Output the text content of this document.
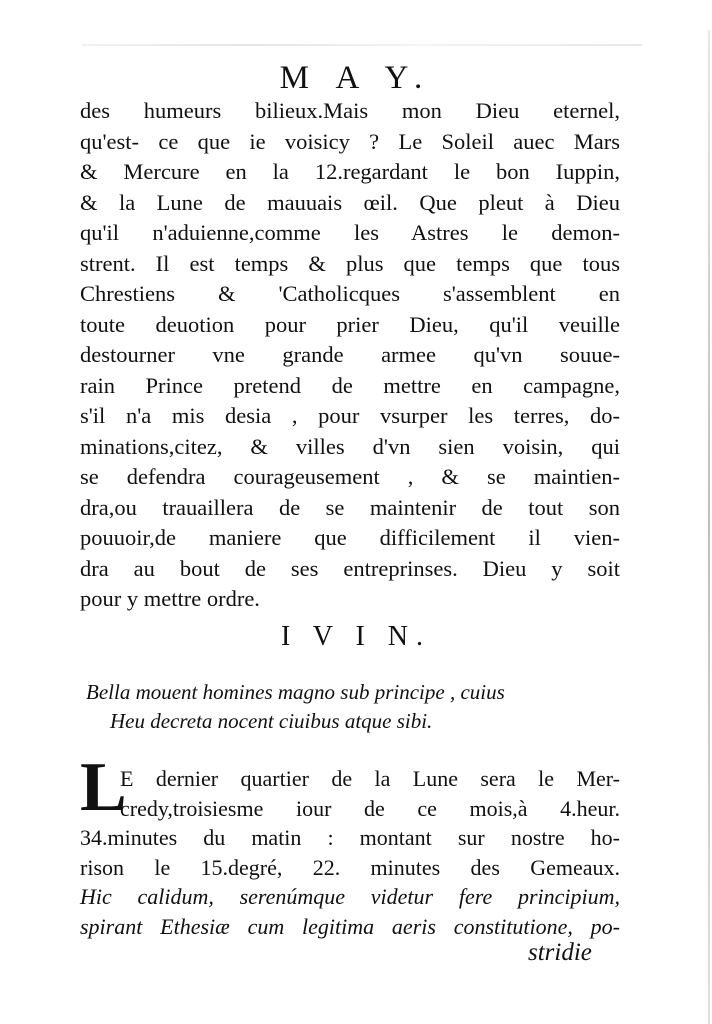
M A Y.
des humeurs bilieux.Mais mon Dieu eternel,
qu'est- ce que ie voisicy ? Le Soleil auec Mars
& Mercure en la 12.regardant le bon Iuppin,
& la Lune de mauuais œil. Que pleut à Dieu
qu'il n'aduienne,comme les Astres le demon-
strent. Il est temps & plus que temps que tous
Chrestiens & 'Catholicques s'assemblent en
toute deuotion pour prier Dieu, qu'il veuille
destourner vne grande armee qu'vn souue-
rain Prince pretend de mettre en campagne,
s'il n'a mis desia , pour vsurper les terres, do-
minations,citez, & villes d'vn sien voisin, qui
se defendra courageusement , & se maintien-
dra,ou trauaillera de se maintenir de tout son
pouuoir,de maniere que difficilement il vien-
dra au bout de ses entreprinses. Dieu y soit
pour y mettre ordre.
I V I N.
Bella mouent homines magno sub principe , cuius
Heu decreta nocent ciuibus atque sibi.
L
E dernier quartier de la Lune sera le Mer-
credy,troisiesme iour de ce mois,à 4.heur.
34.minutes du matin : montant sur nostre ho-
rison le 15.degré, 22. minutes des Gemeaux.
Hic calidum, serenúmque videtur fere principium,
spirant Ethesiæ cum legitima aeris constitutione, po-
stridie
